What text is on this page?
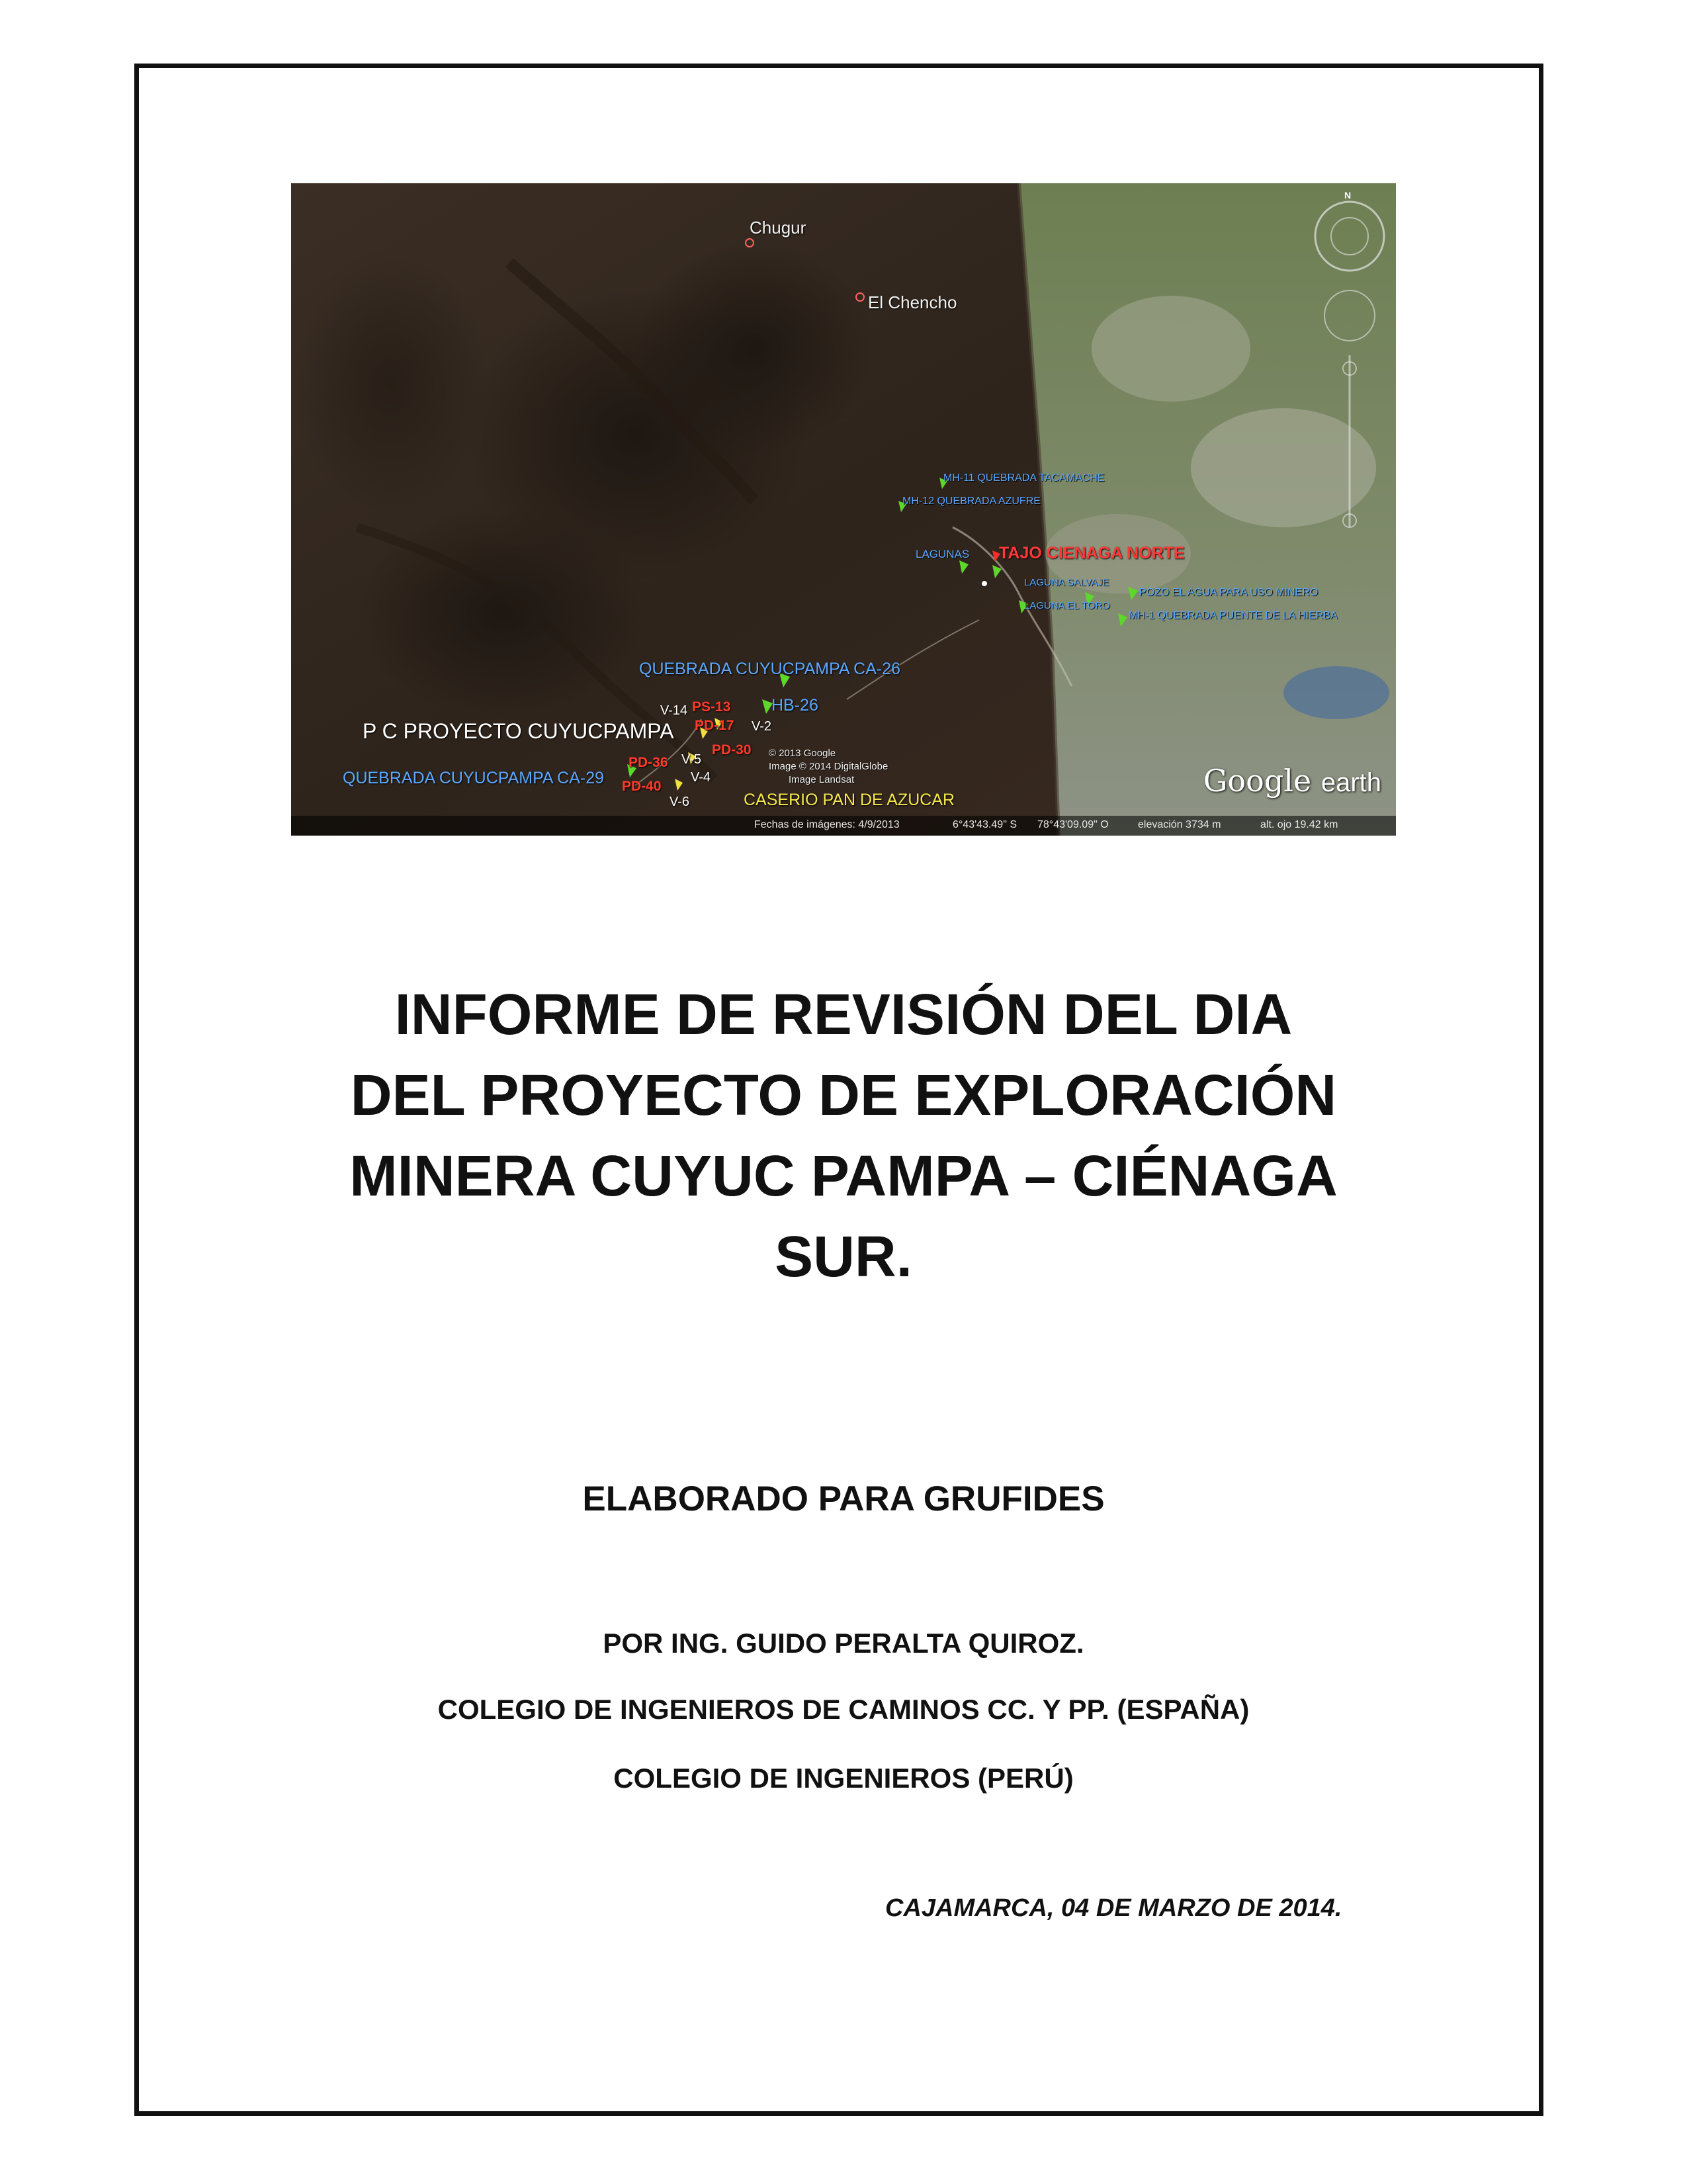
Chugur
El Chencho
MH-11 QUEBRADA TACAMACHE
MH-12 QUEBRADA AZUFRE
LAGUNAS TAJO CIENAGA NORTE
LAGUNA SALVAJE
POZO EL AGUA PARA USO MINERO
LAGUNA EL TORO
MH-1 QUEBRADA PUENTE DE LA HIERBA
QUEBRADA CUYUCPAMPA CA-26
HB-26
PS-13
PD-17
PD-30
PD-36
PD-40
V-14
V-2
V-5
V-4
V-6
P C PROYECTO CUYUCPAMPA
QUEBRADA CUYUCPAMPA CA-29
CASERIO PAN DE AZUCAR
© 2013 Google
Image © 2014 DigitalGlobe
Image Landsat	Google earth
N
Fechas de imágenes: 4/9/2013	6°43'43.49" S 78°43'09.09" O	elevación 3734 m	alt. ojo 19.42 km
INFORME DE REVISIÓN DEL DIA
DEL PROYECTO DE EXPLORACIÓN
MINERA CUYUC PAMPA – CIÉNAGA
SUR.
ELABORADO PARA GRUFIDES
POR ING. GUIDO PERALTA QUIROZ.
COLEGIO DE INGENIEROS DE CAMINOS CC. Y PP. (ESPAÑA)
COLEGIO DE INGENIEROS (PERÚ)
CAJAMARCA, 04 DE MARZO DE 2014.
